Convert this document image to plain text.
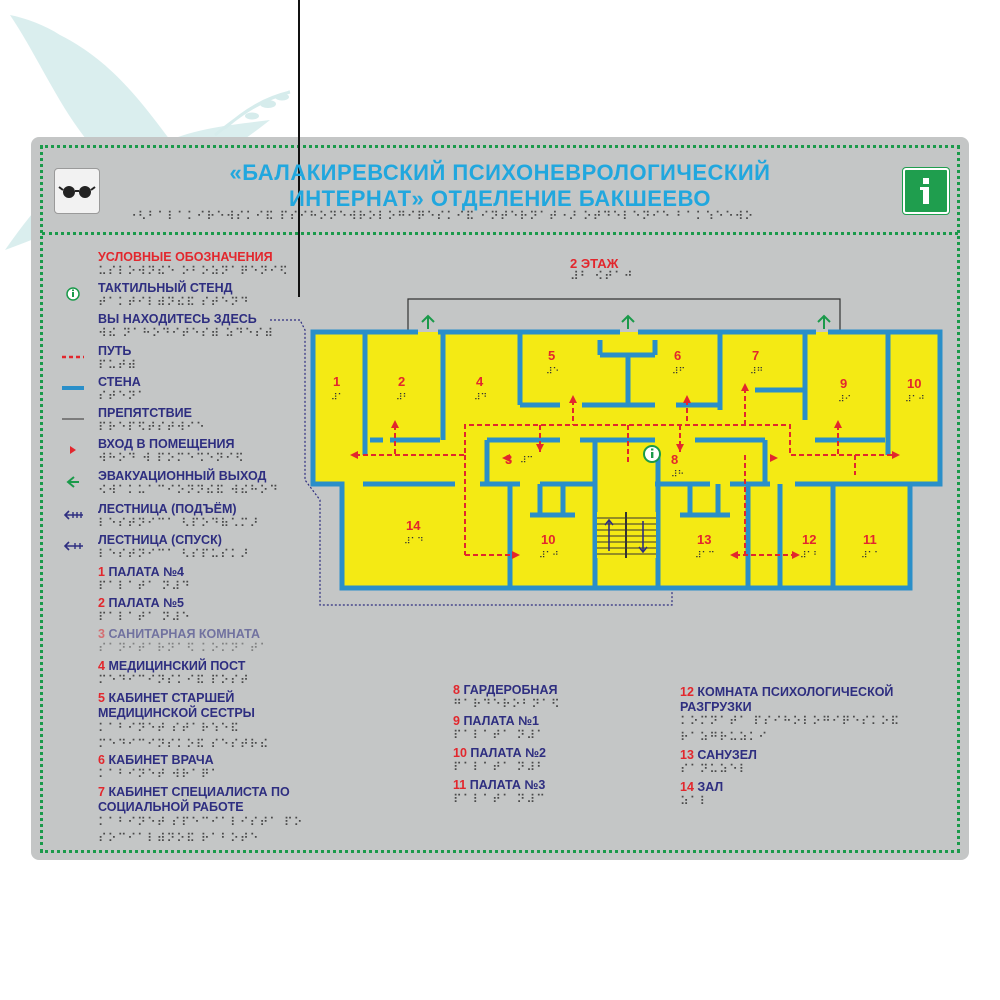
«БАЛАКИРЕВСКИЙ ПСИХОНЕВРОЛОГИЧЕСКИЙ
ИНТЕРНАТ» ОТДЕЛЕНИЕ БАКШЕЕВО
⠐⠣⠃⠁⠇⠁⠅⠊⠗⠑⠺⠎⠅⠊⠯ ⠏⠎⠊⠓⠕⠝⠑⠺⠗⠕⠇⠕⠛⠊⠟⠑⠎⠅⠊⠯ ⠊⠝⠞⠑⠗⠝⠁⠞⠐⠜ ⠕⠞⠙⠑⠇⠑⠝⠊⠑ ⠃⠁⠅⠱⠑⠑⠺⠕
УСЛОВНЫЕ ОБОЗНАЧЕНИЯ
⠥⠎⠇⠕⠺⠝⠮⠑ ⠕⠃⠕⠵⠝⠁⠟⠑⠝⠊⠫
ТАКТИЛЬНЫЙ СТЕНД
⠞⠁⠅⠞⠊⠇⠾⠝⠮⠯ ⠎⠞⠑⠝⠙
ВЫ НАХОДИТЕСЬ ЗДЕСЬ
⠺⠮ ⠝⠁⠓⠕⠙⠊⠞⠑⠎⠾ ⠵⠙⠑⠎⠾
ПУТЬ
⠏⠥⠞⠾
СТЕНА
⠎⠞⠑⠝⠁
ПРЕПЯТСТВИЕ
⠏⠗⠑⠏⠫⠞⠎⠞⠺⠊⠑
ВХОД В ПОМЕЩЕНИЯ
⠺⠓⠕⠙ ⠺ ⠏⠕⠍⠑⠩⠑⠝⠊⠫
ЭВАКУАЦИОННЫЙ ВЫХОД
⠪⠺⠁⠅⠥⠁⠉⠊⠕⠝⠝⠮⠯ ⠺⠮⠓⠕⠙
ЛЕСТНИЦА (ПОДЪЁМ)
⠇⠑⠎⠞⠝⠊⠉⠁ ⠣⠏⠕⠙⠷⠡⠍⠜
ЛЕСТНИЦА (СПУСК)
⠇⠑⠎⠞⠝⠊⠉⠁ ⠣⠎⠏⠥⠎⠅⠜
1 ПАЛАТА №4
⠏⠁⠇⠁⠞⠁ ⠝⠼⠙
2 ПАЛАТА №5
⠏⠁⠇⠁⠞⠁ ⠝⠼⠑
3 САНИТАРНАЯ КОМНАТА
⠎⠁⠝⠊⠞⠁⠗⠝⠁⠫ ⠅⠕⠍⠝⠁⠞⠁
4 МЕДИЦИНСКИЙ ПОСТ
⠍⠑⠙⠊⠉⠊⠝⠎⠅⠊⠯ ⠏⠕⠎⠞
5 КАБИНЕТ СТАРШЕЙ
МЕДИЦИНСКОЙ СЕСТРЫ
⠅⠁⠃⠊⠝⠑⠞ ⠎⠞⠁⠗⠱⠑⠯
⠍⠑⠙⠊⠉⠊⠝⠎⠅⠕⠯ ⠎⠑⠎⠞⠗⠮
6 КАБИНЕТ ВРАЧА
⠅⠁⠃⠊⠝⠑⠞ ⠺⠗⠁⠟⠁
7 КАБИНЕТ СПЕЦИАЛИСТА ПО
СОЦИАЛЬНОЙ РАБОТЕ
⠅⠁⠃⠊⠝⠑⠞ ⠎⠏⠑⠉⠊⠁⠇⠊⠎⠞⠁ ⠏⠕
⠎⠕⠉⠊⠁⠇⠾⠝⠕⠯ ⠗⠁⠃⠕⠞⠑
8 ГАРДЕРОБНАЯ
⠛⠁⠗⠙⠑⠗⠕⠃⠝⠁⠫
9 ПАЛАТА №1
⠏⠁⠇⠁⠞⠁ ⠝⠼⠁
10 ПАЛАТА №2
⠏⠁⠇⠁⠞⠁ ⠝⠼⠃
11 ПАЛАТА №3
⠏⠁⠇⠁⠞⠁ ⠝⠼⠉
12 КОМНАТА ПСИХОЛОГИЧЕСКОЙ
РАЗГРУЗКИ
⠅⠕⠍⠝⠁⠞⠁ ⠏⠎⠊⠓⠕⠇⠕⠛⠊⠟⠑⠎⠅⠕⠯
⠗⠁⠵⠛⠗⠥⠵⠅⠊
13 САНУЗЕЛ
⠎⠁⠝⠥⠵⠑⠇
14 ЗАЛ
⠵⠁⠇
2 ЭТАЖ
⠼⠃ ⠪⠞⠁⠚
1	2
3
4
5	6	7
8
9	10
10	11
12
13
14
⠼⠁	⠼⠃
⠼⠉
⠼⠙
⠼⠑	⠼⠋	⠼⠛
⠼⠓
⠼⠊	⠼⠁⠚
⠼⠁⠚	⠼⠁⠁
⠼⠁⠃
⠼⠁⠉
⠼⠁⠙
